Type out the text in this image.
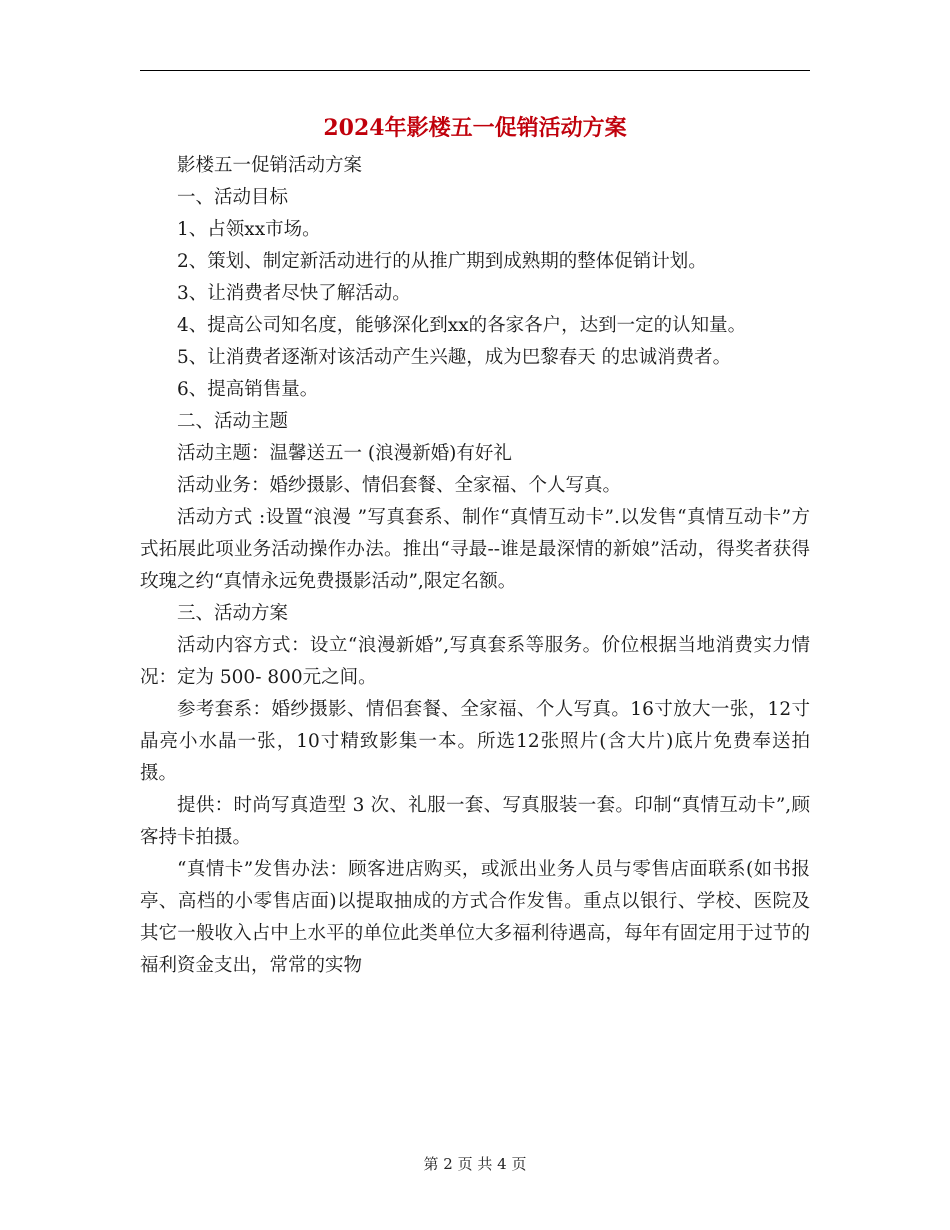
2024年影楼五一促销活动方案

影楼五一促销活动方案

一、活动目标

1、占领xx市场。

2、策划、制定新活动进行的从推广期到成熟期的整体促销计划。

3、让消费者尽快了解活动。

4、提高公司知名度，能够深化到xx的各家各户，达到一定的认知量。

5、让消费者逐渐对该活动产生兴趣，成为巴黎春天 的忠诚消费者。

6、提高销售量。

二、活动主题

活动主题：温馨送五一 (浪漫新婚)有好礼

活动业务：婚纱摄影、情侣套餐、全家福、个人写真。

活动方式 :设置“浪漫 ”写真套系、制作“真情互动卡”.以发售“真情互动卡”方式拓展此项业务活动操作办法。推出“寻最--谁是最深情的新娘”活动，得奖者获得玫瑰之约“真情永远免费摄影活动”,限定名额。

三、活动方案

活动内容方式：设立“浪漫新婚”,写真套系等服务。价位根据当地消费实力情况：定为 500- 800元之间。

参考套系：婚纱摄影、情侣套餐、全家福、个人写真。16寸放大一张，12寸晶亮小水晶一张，10寸精致影集一本。所选12张照片(含大片)底片免费奉送拍摄。

提供：时尚写真造型 3 次、礼服一套、写真服装一套。印制“真情互动卡”,顾客持卡拍摄。

“真情卡”发售办法：顾客进店购买，或派出业务人员与零售店面联系(如书报亭、高档的小零售店面)以提取抽成的方式合作发售。重点以银行、学校、医院及其它一般收入占中上水平的单位此类单位大多福利待遇高，每年有固定用于过节的福利资金支出，常常的实物

第 2 页 共 4 页
